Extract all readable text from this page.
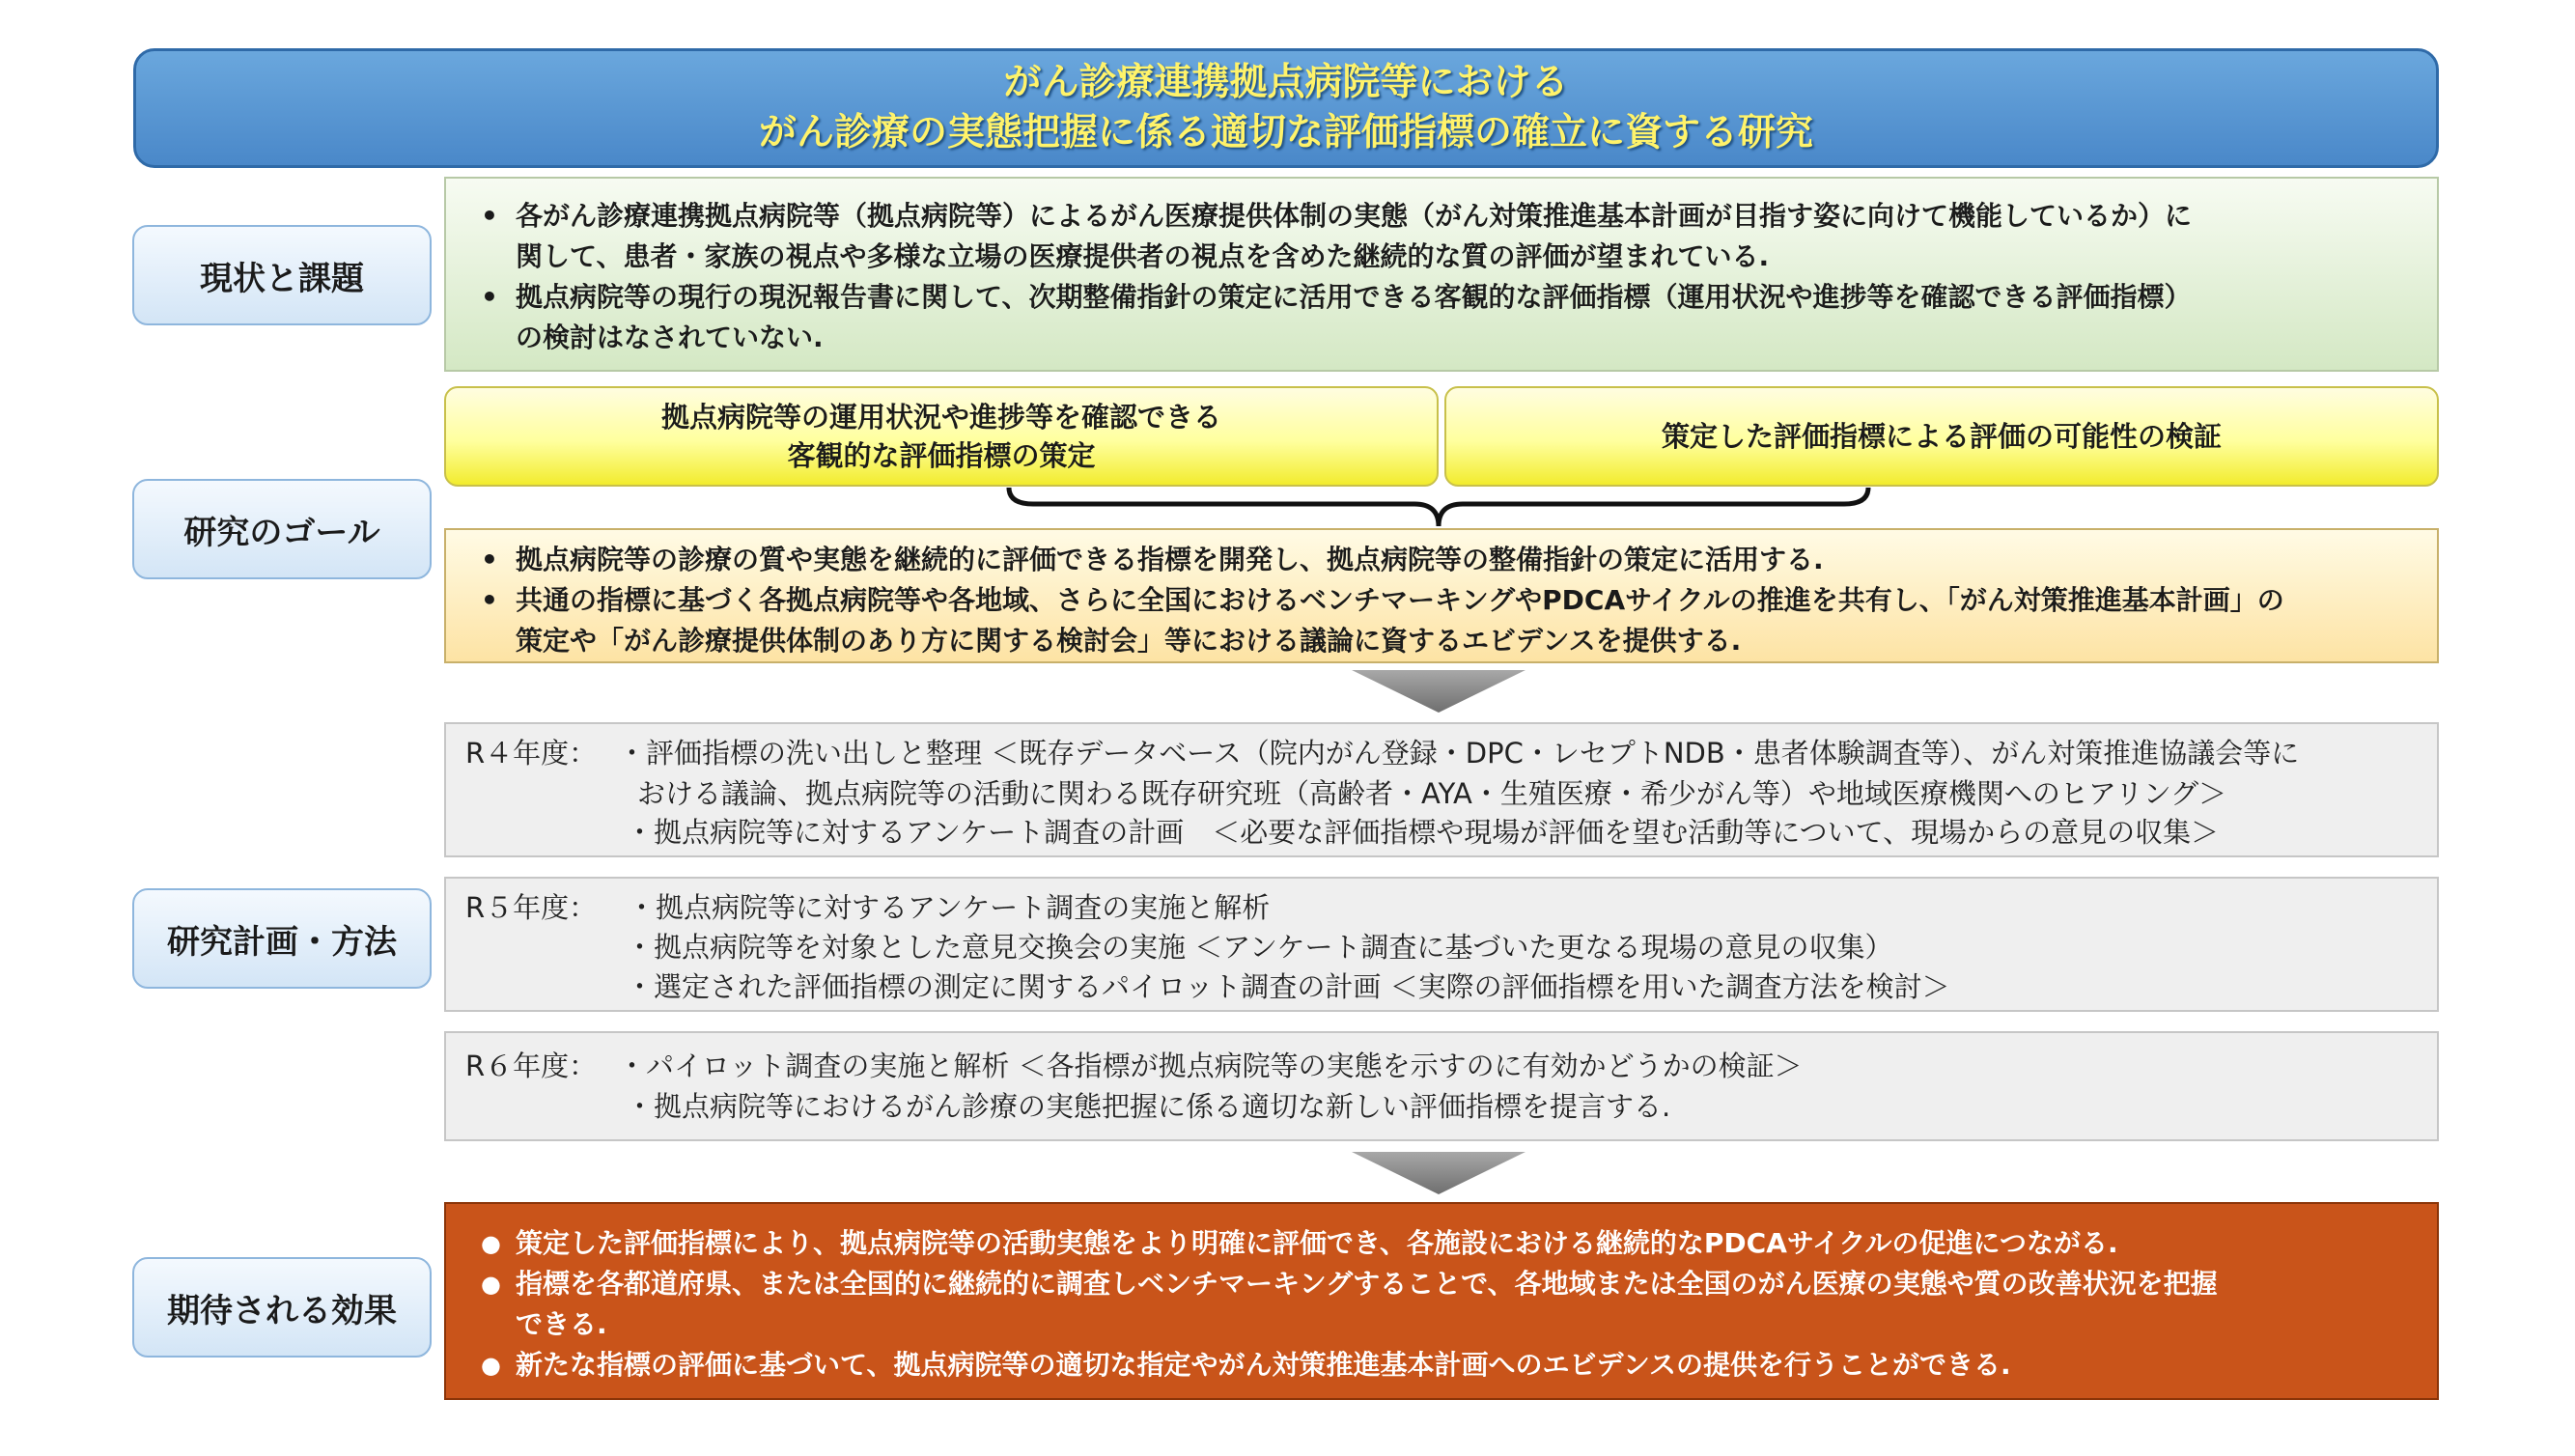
がん診療連携拠点病院等における
がん診療の実態把握に係る適切な評価指標の確立に資する研究
現状と課題
研究のゴール
研究計画・方法
期待される効果
• 各がん診療連携拠点病院等（拠点病院等）によるがん医療提供体制の実態（がん対策推進基本計画が目指す姿に向けて機能しているか）に
関して、患者・家族の視点や多様な立場の医療提供者の視点を含めた継続的な質の評価が望まれている.
• 拠点病院等の現行の現況報告書に関して、次期整備指針の策定に活用できる客観的な評価指標（運用状況や進捗等を確認できる評価指標）
の検討はなされていない.
拠点病院等の運用状況や進捗等を確認できる
客観的な評価指標の策定
策定した評価指標による評価の可能性の検証
• 拠点病院等の診療の質や実態を継続的に評価できる指標を開発し、拠点病院等の整備指針の策定に活用する.
• 共通の指標に基づく各拠点病院等や各地域、さらに全国におけるベンチマーキングやPDCAサイクルの推進を共有し、「がん対策推進基本計画」の
策定や「がん診療提供体制のあり方に関する検討会」等における議論に資するエビデンスを提供する.
R４年度： ・評価指標の洗い出しと整理 ＜既存データベース（院内がん登録・DPC・レセプトNDB・患者体験調査等）、がん対策推進協議会等に
おける議論、拠点病院等の活動に関わる既存研究班（高齢者・AYA・生殖医療・希少がん等）や地域医療機関へのヒアリング＞
・拠点病院等に対するアンケート調査の計画　＜必要な評価指標や現場が評価を望む活動等について、現場からの意見の収集＞
R５年度： ・拠点病院等に対するアンケート調査の実施と解析
・拠点病院等を対象とした意見交換会の実施 ＜アンケート調査に基づいた更なる現場の意見の収集）
・選定された評価指標の測定に関するパイロット調査の計画 ＜実際の評価指標を用いた調査方法を検討＞
R６年度： ・パイロット調査の実施と解析 ＜各指標が拠点病院等の実態を示すのに有効かどうかの検証＞
・拠点病院等におけるがん診療の実態把握に係る適切な新しい評価指標を提言する.
● 策定した評価指標により、拠点病院等の活動実態をより明確に評価でき、各施設における継続的なPDCAサイクルの促進につながる.
● 指標を各都道府県、または全国的に継続的に調査しベンチマーキングすることで、各地域または全国のがん医療の実態や質の改善状況を把握
できる.
● 新たな指標の評価に基づいて、拠点病院等の適切な指定やがん対策推進基本計画へのエビデンスの提供を行うことができる.
